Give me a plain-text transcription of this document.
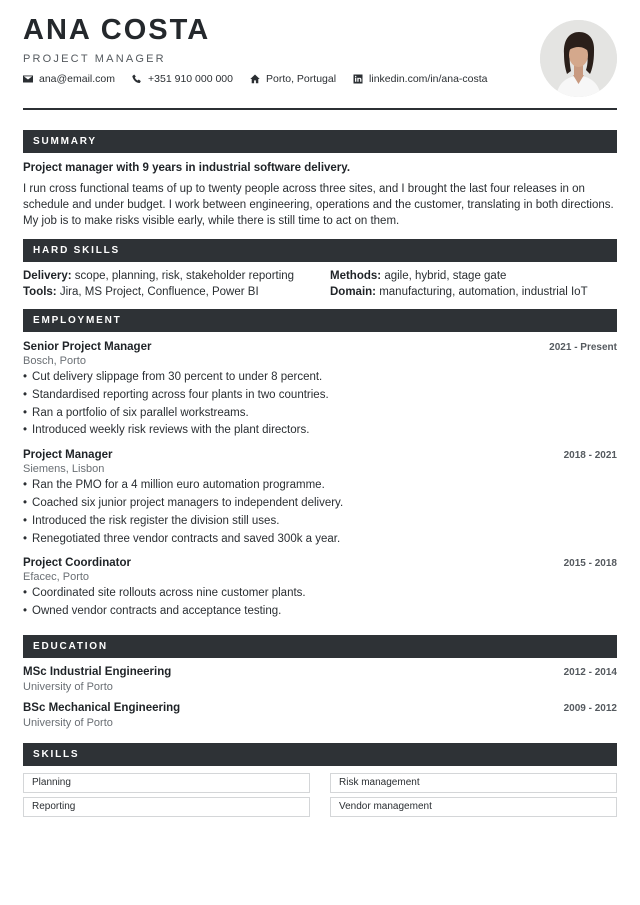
ANA COSTA
PROJECT MANAGER
ana@email.com	+351 910 000 000	Porto, Portugal	linkedin.com/in/ana-costa
SUMMARY
Project manager with 9 years in industrial software delivery.
I run cross functional teams of up to twenty people across three sites, and I brought the last four releases in on schedule and under budget. I work between engineering, operations and the customer, translating in both directions. My job is to make risks visible early, while there is still time to act on them.
HARD SKILLS
Delivery: scope, planning, risk, stakeholder reporting	Methods: agile, hybrid, stage gate
Tools: Jira, MS Project, Confluence, Power BI	Domain: manufacturing, automation, industrial IoT
EMPLOYMENT
Senior Project Manager	2021 - Present
Bosch, Porto
• Cut delivery slippage from 30 percent to under 8 percent.
• Standardised reporting across four plants in two countries.
• Ran a portfolio of six parallel workstreams.
• Introduced weekly risk reviews with the plant directors.
Project Manager	2018 - 2021
Siemens, Lisbon
• Ran the PMO for a 4 million euro automation programme.
• Coached six junior project managers to independent delivery.
• Introduced the risk register the division still uses.
• Renegotiated three vendor contracts and saved 300k a year.
Project Coordinator	2015 - 2018
Efacec, Porto
• Coordinated site rollouts across nine customer plants.
• Owned vendor contracts and acceptance testing.
EDUCATION
MSc Industrial Engineering	2012 - 2014
University of Porto
BSc Mechanical Engineering	2009 - 2012
University of Porto
SKILLS
Planning	Risk management
Reporting	Vendor management
